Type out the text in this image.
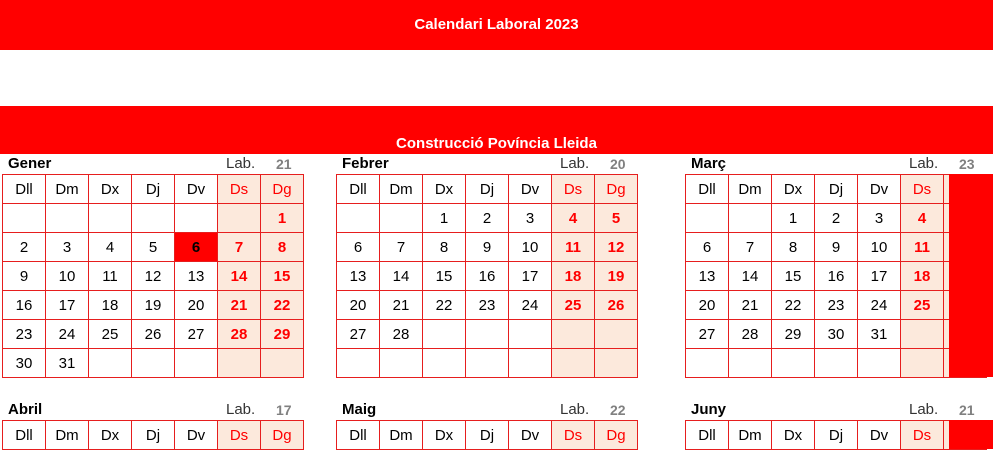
Calendari Laboral 2023
Construcció Povíncia Lleida
Gener	Lab. 21
Dll	Dm	Dx	Dj	Dv	Ds	Dg
						1
2	3	4	5	6	7	8
9	10	11	12	13	14	15
16	17	18	19	20	21	22
23	24	25	26	27	28	29
30	31					
Febrer	Lab. 20
Dll	Dm	Dx	Dj	Dv	Ds	Dg
		1	2	3	4	5
6	7	8	9	10	11	12
13	14	15	16	17	18	19
20	21	22	23	24	25	26
27	28					

Març	Lab. 23
Dll	Dm	Dx	Dj	Dv	Ds	
		1	2	3	4	
6	7	8	9	10	11	
13	14	15	16	17	18	
20	21	22	23	24	25	
27	28	29	30	31		

Abril	Lab. 17
Dll	Dm	Dx	Dj	Dv	Ds	Dg
Maig	Lab. 22
Dll	Dm	Dx	Dj	Dv	Ds	Dg
Juny	Lab. 21
Dll	Dm	Dx	Dj	Dv	Ds	
